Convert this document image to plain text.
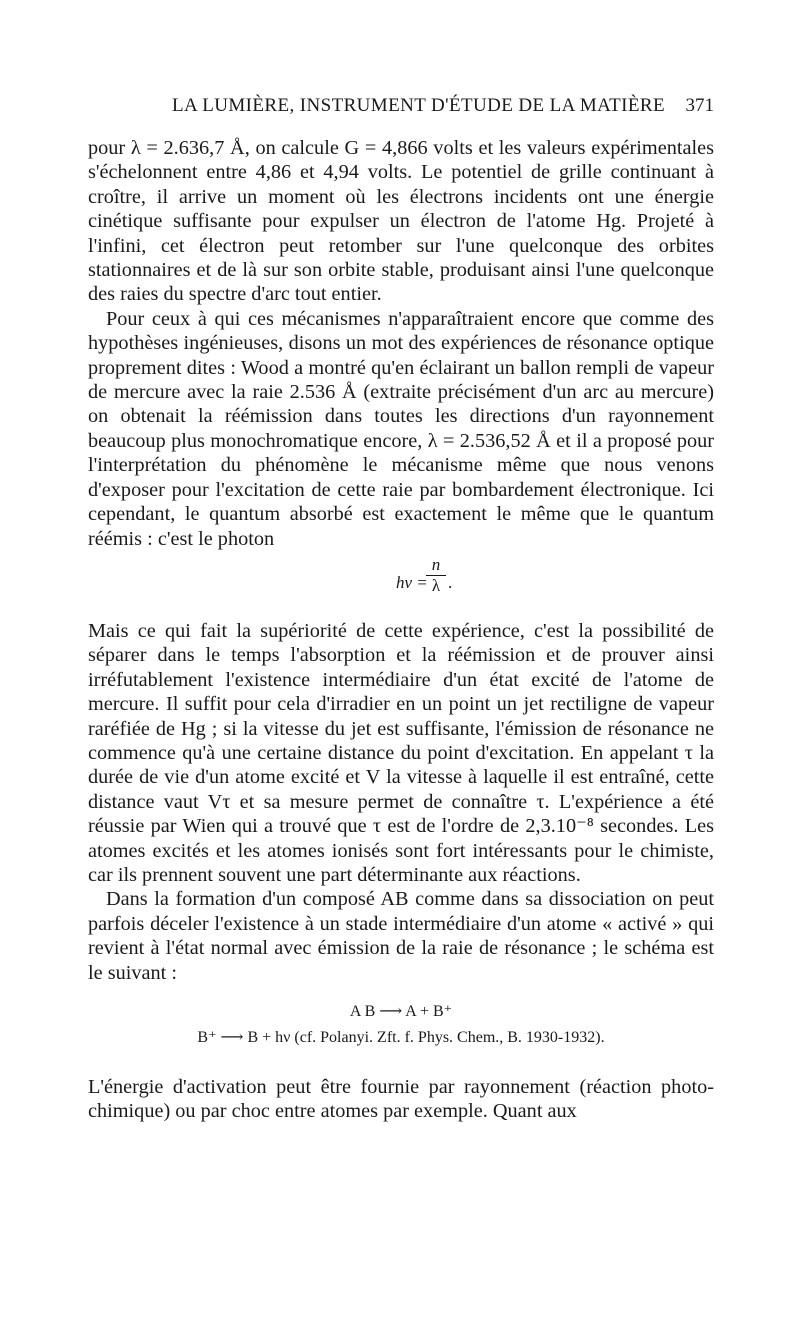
LA LUMIÈRE, INSTRUMENT D'ÉTUDE DE LA MATIÈRE 371

pour λ = 2.636,7 Å, on calcule G = 4,866 volts et les valeurs expérimentales s'échelonnent entre 4,86 et 4,94 volts. Le potentiel de grille continuant à croître, il arrive un moment où les électrons incidents ont une énergie cinétique suffisante pour expulser un électron de l'atome Hg. Projeté à l'infini, cet électron peut retomber sur l'une quelconque des orbites stationnaires et de là sur son orbite stable, produisant ainsi l'une quelconque des raies du spectre d'arc tout entier.

Pour ceux à qui ces mécanismes n'apparaîtraient encore que comme des hypothèses ingénieuses, disons un mot des expériences de résonance optique proprement dites : Wood a montré qu'en éclairant un ballon rempli de vapeur de mercure avec la raie 2.536 Å (extraite précisément d'un arc au mercure) on obtenait la réémission dans toutes les directions d'un rayonnement beaucoup plus monochromatique encore, λ = 2.536,52 Å et il a proposé pour l'interprétation du phénomène le mécanisme même que nous venons d'exposer pour l'excitation de cette raie par bombardement électronique. Ici cependant, le quantum absorbé est exactement le même que le quantum réémis : c'est le photon

hν =
$\frac{n}{\lambda}$ .

Mais ce qui fait la supériorité de cette expérience, c'est la possibilité de séparer dans le temps l'absorption et la réémission et de prouver ainsi irréfutablement l'existence intermédiaire d'un état excité de l'atome de mercure. Il suffit pour cela d'irradier en un point un jet rectiligne de vapeur raréfiée de Hg ; si la vitesse du jet est suffisante, l'émission de résonance ne commence qu'à une certaine distance du point d'excitation. En appelant τ la durée de vie d'un atome excité et V la vitesse à laquelle il est entraîné, cette distance vaut Vτ et sa mesure permet de connaître τ. L'expérience a été réussie par Wien qui a trouvé que τ est de l'ordre de 2,3.10⁻⁸ secondes. Les atomes excités et les atomes ionisés sont fort intéressants pour le chimiste, car ils prennent souvent une part déterminante aux réactions.

Dans la formation d'un composé AB comme dans sa dissociation on peut parfois déceler l'existence à un stade intermédiaire d'un atome « activé » qui revient à l'état normal avec émission de la raie de résonance ; le schéma est le suivant :

A B ⟶ A + B⁺
B⁺ ⟶ B + hν (cf. Polanyi. Zft. f. Phys. Chem., B. 1930-1932).

L'énergie d'activation peut être fournie par rayonnement (réaction photo-chimique) ou par choc entre atomes par exemple. Quant aux
